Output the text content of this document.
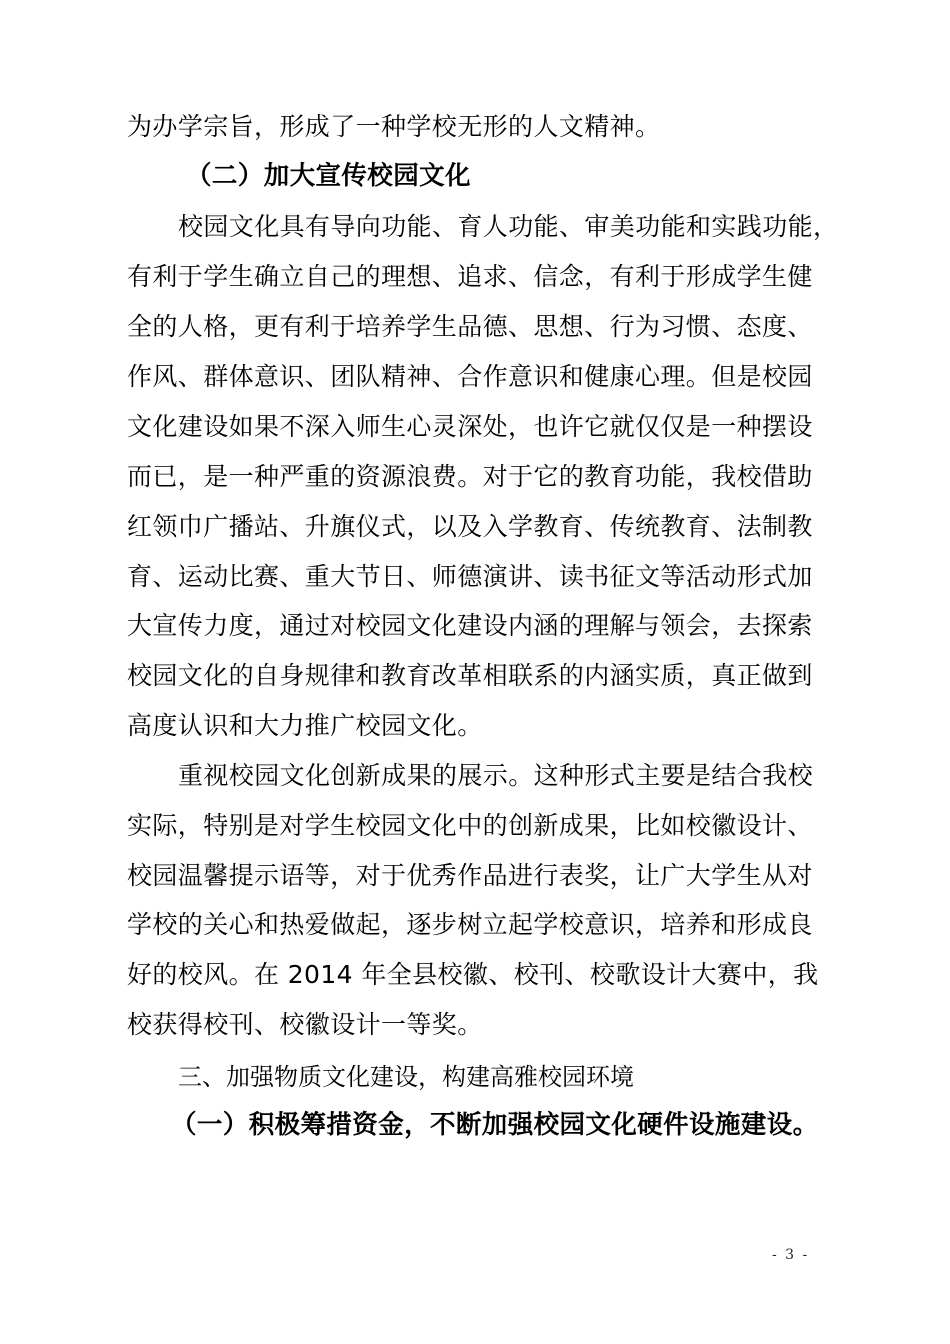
为办学宗旨，形成了一种学校无形的人文精神。
（二）加大宣传校园文化
校园文化具有导向功能、育人功能、审美功能和实践功能，
有利于学生确立自己的理想、追求、信念，有利于形成学生健
全的人格，更有利于培养学生品德、思想、行为习惯、态度、
作风、群体意识、团队精神、合作意识和健康心理。但是校园
文化建设如果不深入师生心灵深处，也许它就仅仅是一种摆设
而已，是一种严重的资源浪费。对于它的教育功能，我校借助
红领巾广播站、升旗仪式，以及入学教育、传统教育、法制教
育、运动比赛、重大节日、师德演讲、读书征文等活动形式加
大宣传力度，通过对校园文化建设内涵的理解与领会，去探索
校园文化的自身规律和教育改革相联系的内涵实质，真正做到
高度认识和大力推广校园文化。
重视校园文化创新成果的展示。这种形式主要是结合我校
实际，特别是对学生校园文化中的创新成果，比如校徽设计、
校园温馨提示语等，对于优秀作品进行表奖，让广大学生从对
学校的关心和热爱做起，逐步树立起学校意识，培养和形成良
好的校风。在 2014 年全县校徽、校刊、校歌设计大赛中，我
校获得校刊、校徽设计一等奖。
三、加强物质文化建设，构建高雅校园环境
（一）积极筹措资金，不断加强校园文化硬件设施建设。
- 3 -
